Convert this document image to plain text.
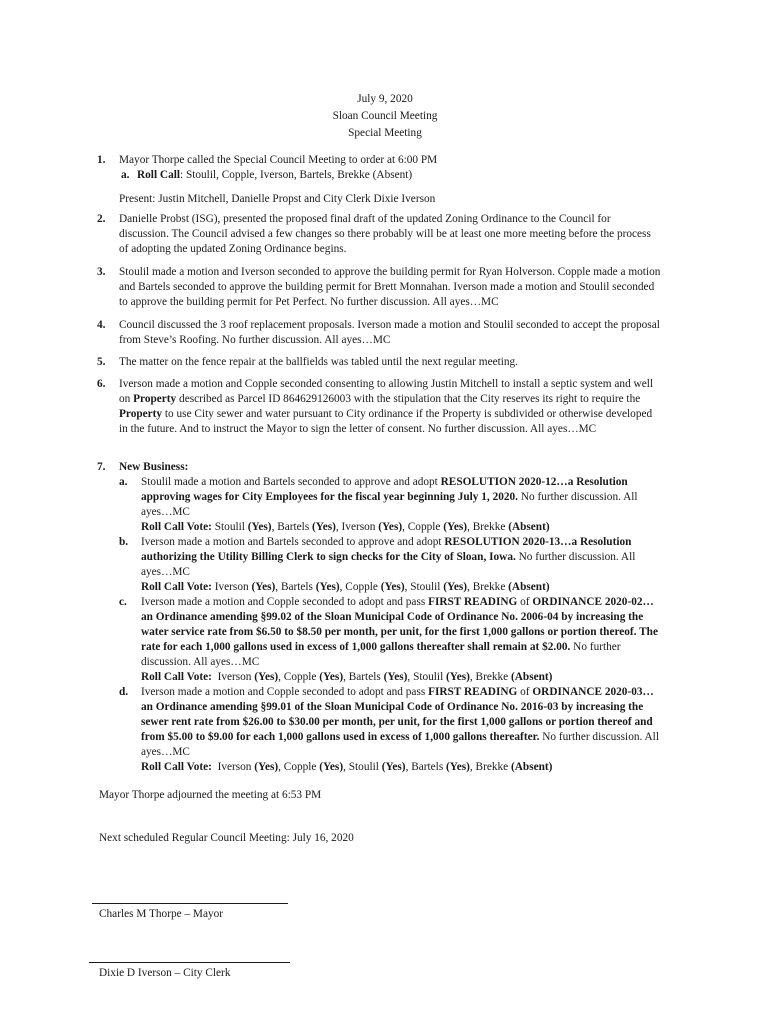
July 9, 2020
Sloan Council Meeting
Special Meeting
1. Mayor Thorpe called the Special Council Meeting to order at 6:00 PM
a. Roll Call: Stoulil, Copple, Iverson, Bartels, Brekke (Absent)
Present: Justin Mitchell, Danielle Propst and City Clerk Dixie Iverson
2. Danielle Probst (ISG), presented the proposed final draft of the updated Zoning Ordinance to the Council for discussion. The Council advised a few changes so there probably will be at least one more meeting before the process of adopting the updated Zoning Ordinance begins.
3. Stoulil made a motion and Iverson seconded to approve the building permit for Ryan Holverson. Copple made a motion and Bartels seconded to approve the building permit for Brett Monnahan. Iverson made a motion and Stoulil seconded to approve the building permit for Pet Perfect. No further discussion. All ayes…MC
4. Council discussed the 3 roof replacement proposals. Iverson made a motion and Stoulil seconded to accept the proposal from Steve’s Roofing. No further discussion. All ayes…MC
5. The matter on the fence repair at the ballfields was tabled until the next regular meeting.
6. Iverson made a motion and Copple seconded consenting to allowing Justin Mitchell to install a septic system and well on Property described as Parcel ID 864629126003 with the stipulation that the City reserves its right to require the Property to use City sewer and water pursuant to City ordinance if the Property is subdivided or otherwise developed in the future. And to instruct the Mayor to sign the letter of consent. No further discussion. All ayes…MC
7. New Business:
a. Stoulil made a motion and Bartels seconded to approve and adopt RESOLUTION 2020-12…a Resolution approving wages for City Employees for the fiscal year beginning July 1, 2020. No further discussion. All ayes…MC
Roll Call Vote: Stoulil (Yes), Bartels (Yes), Iverson (Yes), Copple (Yes), Brekke (Absent)
b. Iverson made a motion and Bartels seconded to approve and adopt RESOLUTION 2020-13…a Resolution authorizing the Utility Billing Clerk to sign checks for the City of Sloan, Iowa. No further discussion. All ayes…MC
Roll Call Vote: Iverson (Yes), Bartels (Yes), Copple (Yes), Stoulil (Yes), Brekke (Absent)
c. Iverson made a motion and Copple seconded to adopt and pass FIRST READING of ORDINANCE 2020-02… an Ordinance amending §99.02 of the Sloan Municipal Code of Ordinance No. 2006-04 by increasing the water service rate from $6.50 to $8.50 per month, per unit, for the first 1,000 gallons or portion thereof. The rate for each 1,000 gallons used in excess of 1,000 gallons thereafter shall remain at $2.00. No further discussion. All ayes…MC
Roll Call Vote:  Iverson (Yes), Copple (Yes), Bartels (Yes), Stoulil (Yes), Brekke (Absent)
d. Iverson made a motion and Copple seconded to adopt and pass FIRST READING of ORDINANCE 2020-03… an Ordinance amending §99.01 of the Sloan Municipal Code of Ordinance No. 2016-03 by increasing the sewer rent rate from $26.00 to $30.00 per month, per unit, for the first 1,000 gallons or portion thereof and from $5.00 to $9.00 for each 1,000 gallons used in excess of 1,000 gallons thereafter. No further discussion. All ayes…MC
Roll Call Vote:  Iverson (Yes), Copple (Yes), Stoulil (Yes), Bartels (Yes), Brekke (Absent)
Mayor Thorpe adjourned the meeting at 6:53 PM
Next scheduled Regular Council Meeting: July 16, 2020
Charles M Thorpe – Mayor
Dixie D Iverson – City Clerk
